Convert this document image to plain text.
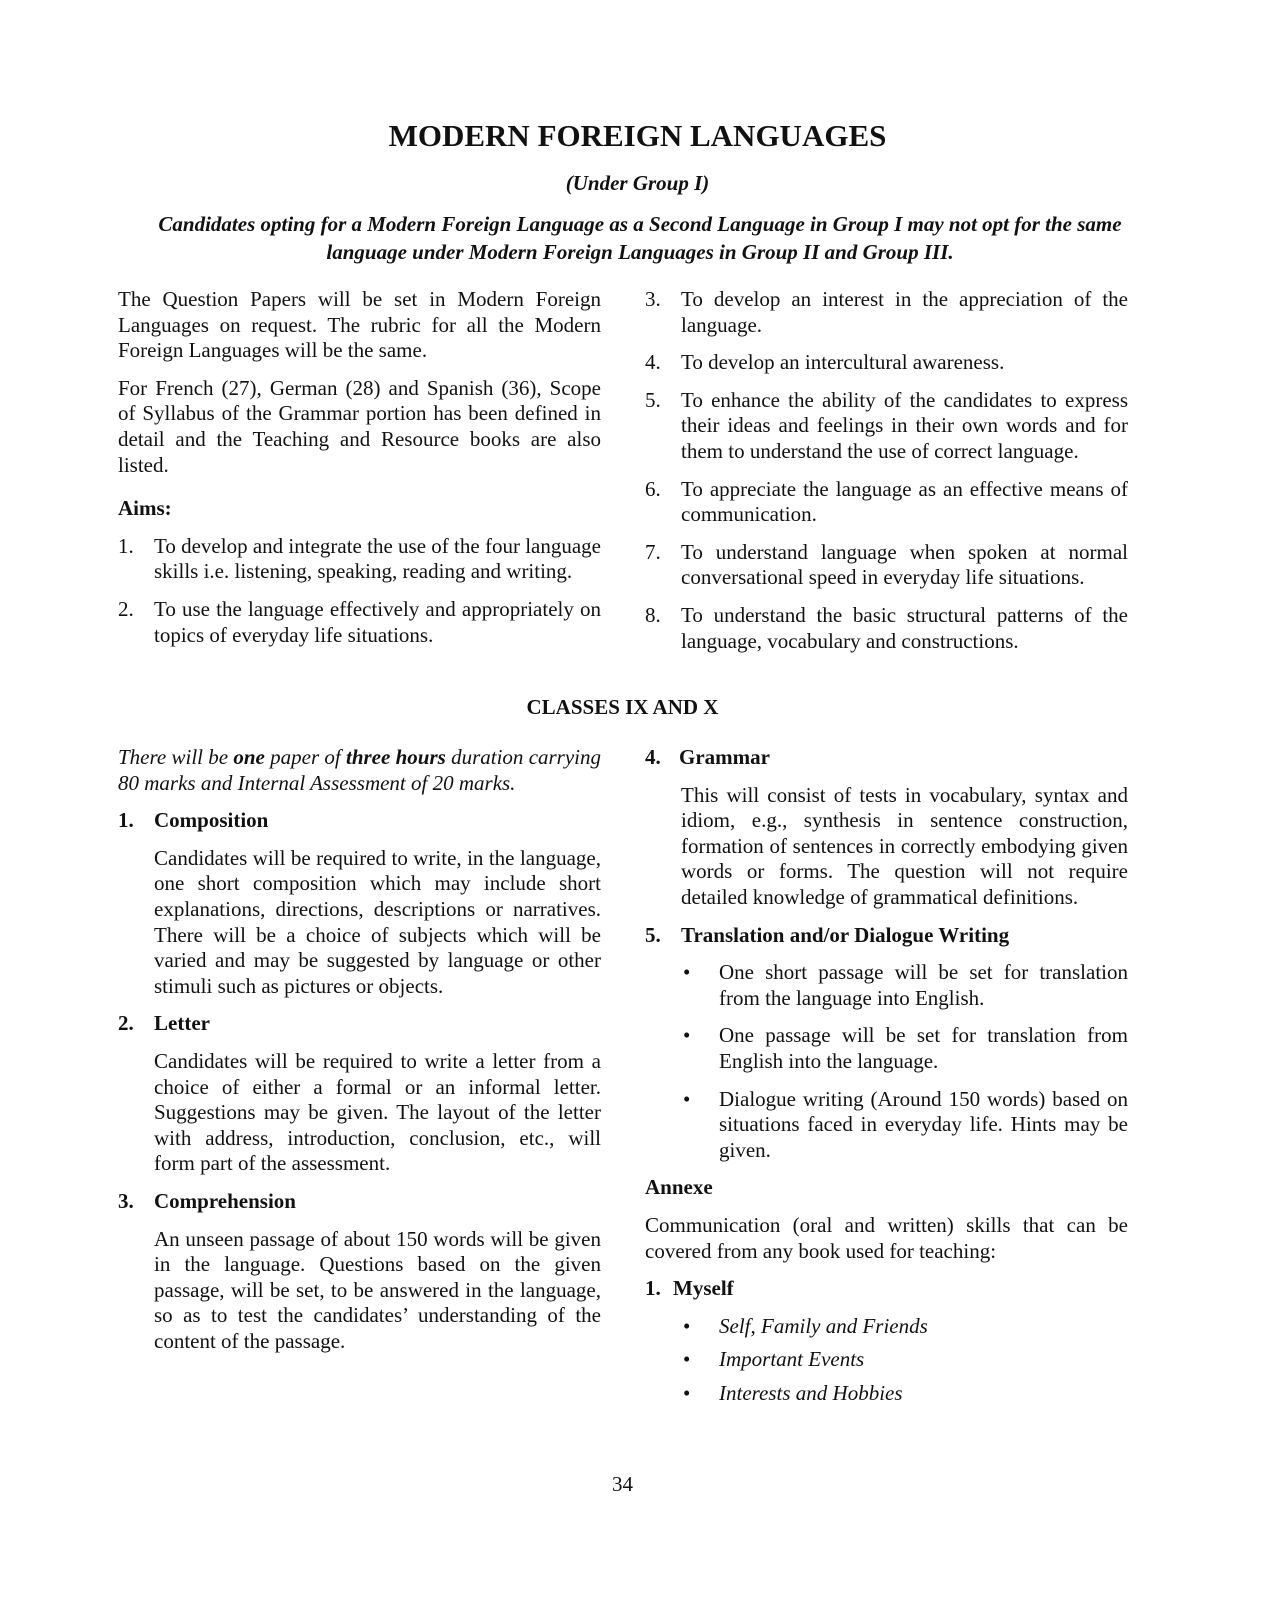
MODERN FOREIGN LANGUAGES
(Under Group I)
Candidates opting for a Modern Foreign Language as a Second Language in Group I may not opt for the same language under Modern Foreign Languages in Group II and Group III.

The Question Papers will be set in Modern Foreign Languages on request. The rubric for all the Modern Foreign Languages will be the same.

For French (27), German (28) and Spanish (36), Scope of Syllabus of the Grammar portion has been defined in detail and the Teaching and Resource books are also listed.

Aims:
1. To develop and integrate the use of the four language skills i.e. listening, speaking, reading and writing.
2. To use the language effectively and appropriately on topics of everyday life situations.
3. To develop an interest in the appreciation of the language.
4. To develop an intercultural awareness.
5. To enhance the ability of the candidates to express their ideas and feelings in their own words and for them to understand the use of correct language.
6. To appreciate the language as an effective means of communication.
7. To understand language when spoken at normal conversational speed in everyday life situations.
8. To understand the basic structural patterns of the language, vocabulary and constructions.
CLASSES IX AND X

There will be one paper of three hours duration carrying 80 marks and Internal Assessment of 20 marks.

1. Composition

Candidates will be required to write, in the language, one short composition which may include short explanations, directions, descriptions or narratives. There will be a choice of subjects which will be varied and may be suggested by language or other stimuli such as pictures or objects.

2. Letter

Candidates will be required to write a letter from a choice of either a formal or an informal letter. Suggestions may be given. The layout of the letter with address, introduction, conclusion, etc., will form part of the assessment.

3. Comprehension

An unseen passage of about 150 words will be given in the language. Questions based on the given passage, will be set, to be answered in the language, so as to test the candidates’ understanding of the content of the passage.

4. Grammar

This will consist of tests in vocabulary, syntax and idiom, e.g., synthesis in sentence construction, formation of sentences in correctly embodying given words or forms. The question will not require detailed knowledge of grammatical definitions.

5. Translation and/or Dialogue Writing
•	One short passage will be set for translation from the language into English.
•	One passage will be set for translation from English into the language.
•	Dialogue writing (Around 150 words) based on situations faced in everyday life. Hints may be given.
Annexe

Communication (oral and written) skills that can be covered from any book used for teaching:

1. Myself
•	Self, Family and Friends
•	Important Events
•	Interests and Hobbies
34
